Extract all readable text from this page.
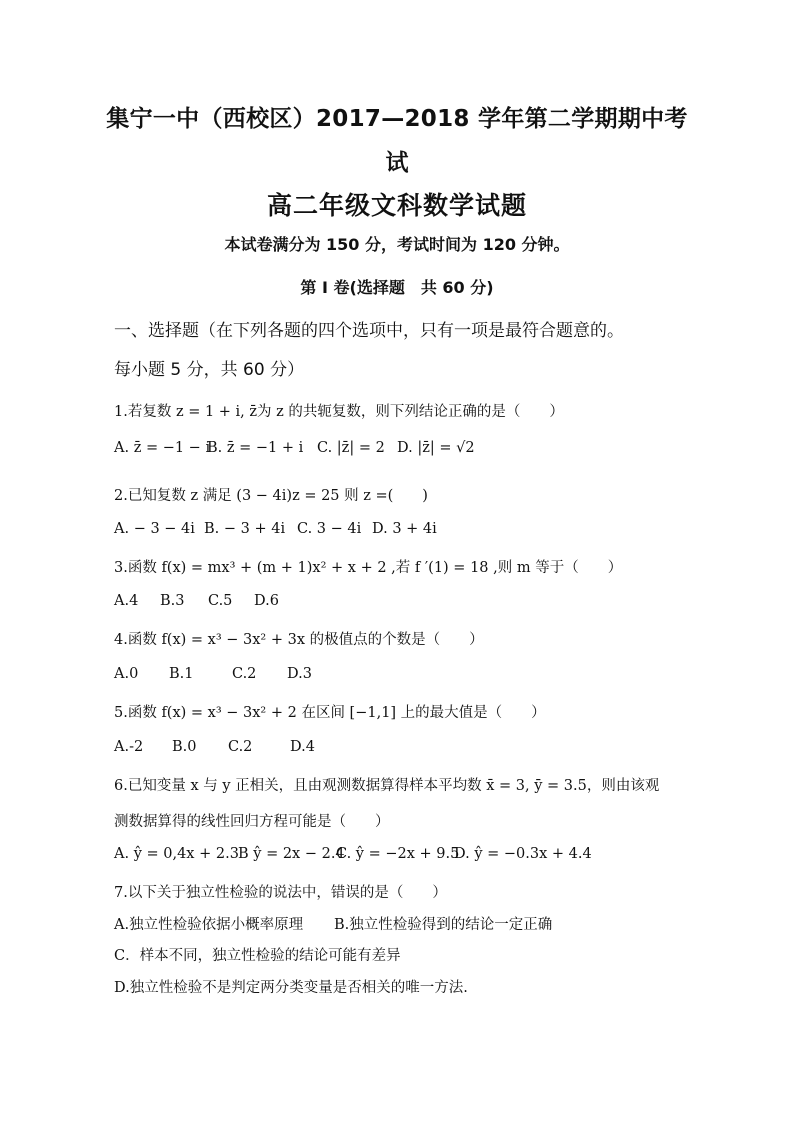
集宁一中（西校区）2017—2018 学年第二学期期中考
试
高二年级文科数学试题
本试卷满分为 150 分，考试时间为 120 分钟。
第 I 卷(选择题　共 60 分)
一、选择题（在下列各题的四个选项中，只有一项是最符合题意的。
每小题 5 分，共 60 分）
1.若复数 z = 1 + i, z̄为 z 的共轭复数，则下列结论正确的是（　　）
A. z̄ = −1 − iB. z̄ = −1 + i C. |z̄| = 2 D. |z̄| = √2
2.已知复数 z 满足 (3 − 4i)z = 25 则 z =(　　)
A. − 3 − 4i B. − 3 + 4i C. 3 − 4i D. 3 + 4i
3.函数 f(x) = mx³ + (m + 1)x² + x + 2 ,若 f ′(1) = 18 ,则 m 等于（　　）
A.4 B.3 C.5 D.6
4.函数 f(x) = x³ − 3x² + 3x 的极值点的个数是（　　）
A.0 B.1	C.2 D.3
5.函数 f(x) = x³ − 3x² + 2 在区间 [−1,1] 上的最大值是（　　）
A.-2 B.0 C.2	D.4
6.已知变量 x 与 y 正相关，且由观测数据算得样本平均数 x̄ = 3, ȳ = 3.5，则由该观
测数据算得的线性回归方程可能是（　　）
A. ŷ = 0,4x + 2.3B ŷ = 2x − 2.4C. ŷ = −2x + 9.5D. ŷ = −0.3x + 4.4
7.以下关于独立性检验的说法中，错误的是（　　）
A.独立性检验依据小概率原理 B.独立性检验得到的结论一定正确
C．样本不同，独立性检验的结论可能有差异
D.独立性检验不是判定两分类变量是否相关的唯一方法.
